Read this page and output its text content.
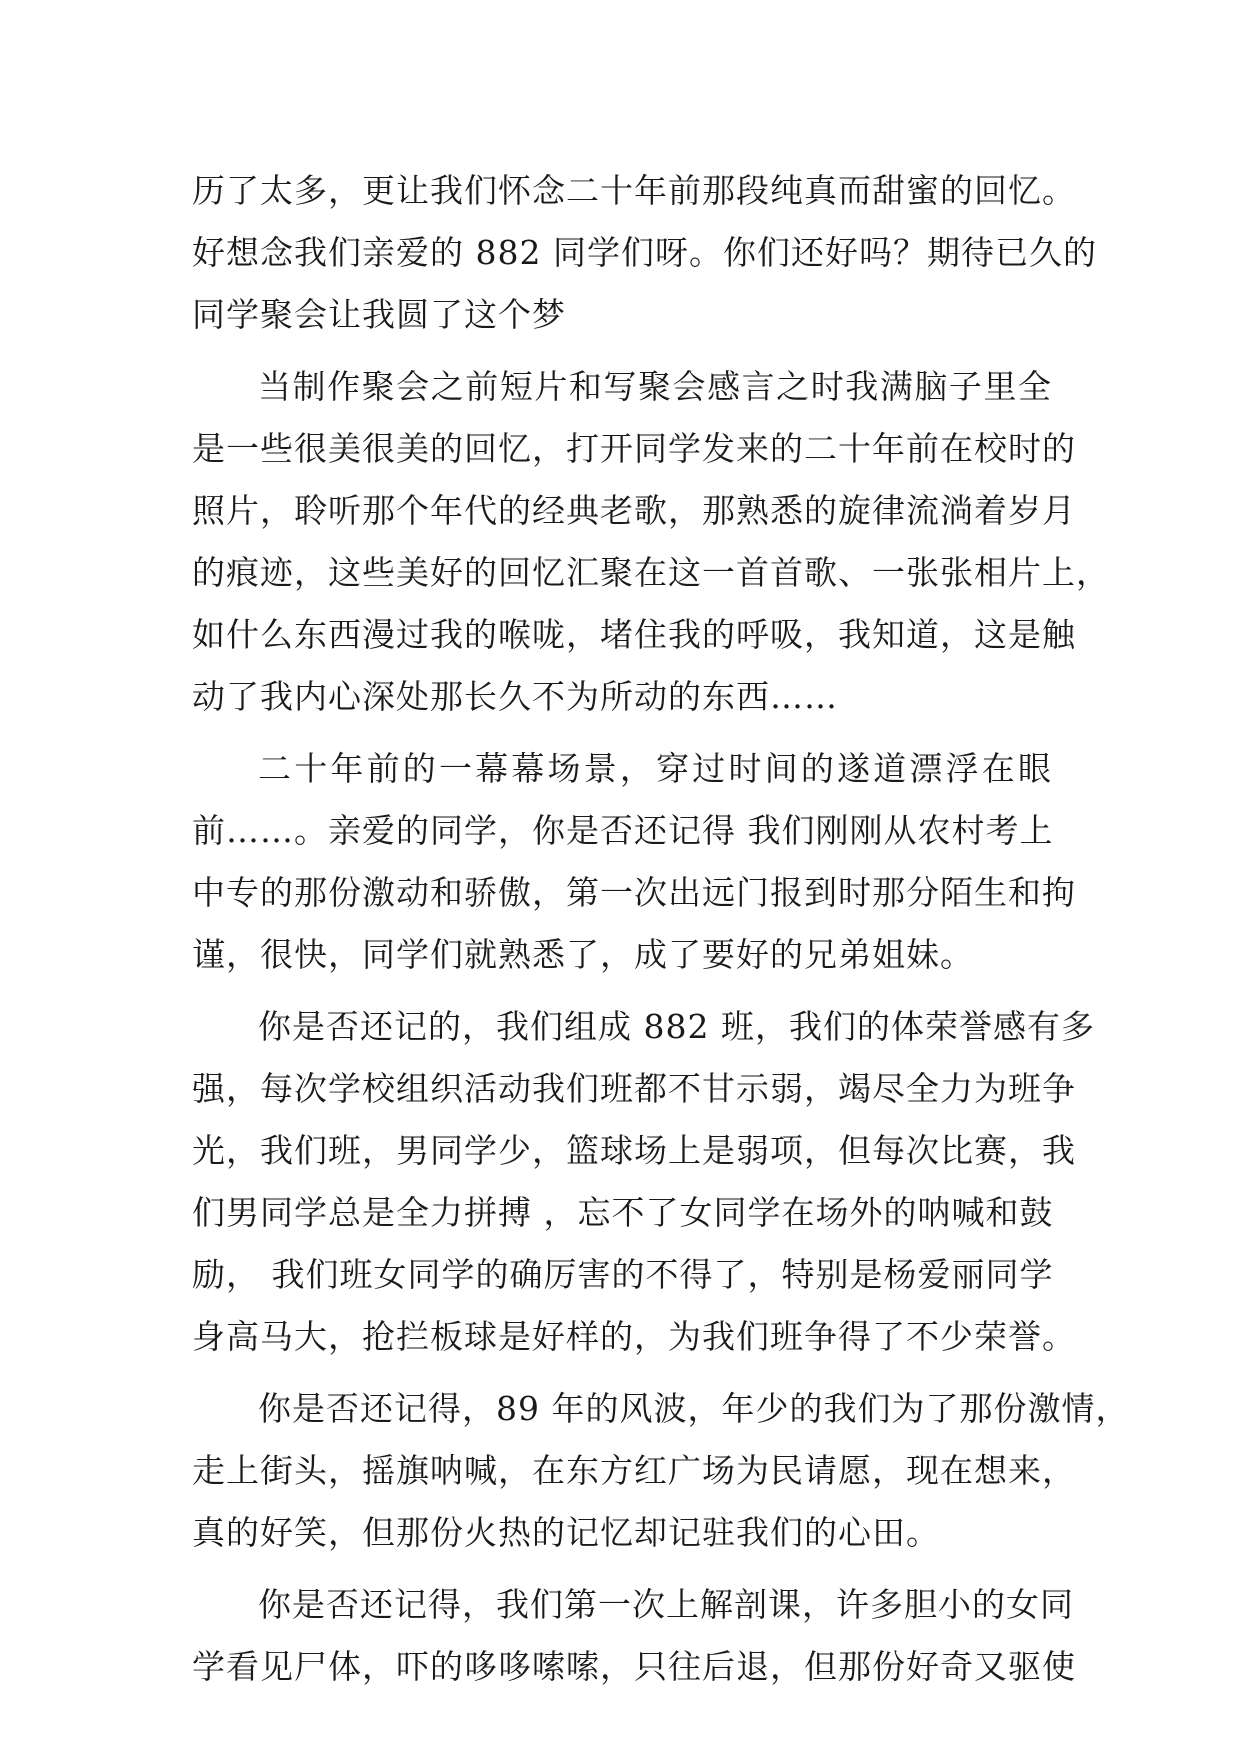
历了太多，更让我们怀念二十年前那段纯真而甜蜜的回忆。
好想念我们亲爱的 882 同学们呀。你们还好吗？期待已久的
同学聚会让我圆了这个梦
当制作聚会之前短片和写聚会感言之时我满脑子里全
是一些很美很美的回忆，打开同学发来的二十年前在校时的
照片，聆听那个年代的经典老歌，那熟悉的旋律流淌着岁月
的痕迹，这些美好的回忆汇聚在这一首首歌、一张张相片上，
如什么东西漫过我的喉咙，堵住我的呼吸，我知道，这是触
动了我内心深处那长久不为所动的东西……
二十年前的一幕幕场景，穿过时间的遂道漂浮在眼
前……。亲爱的同学，你是否还记得 我们刚刚从农村考上
中专的那份激动和骄傲，第一次出远门报到时那分陌生和拘
谨，很快，同学们就熟悉了，成了要好的兄弟姐妹。
你是否还记的，我们组成 882 班，我们的体荣誉感有多
强，每次学校组织活动我们班都不甘示弱，竭尽全力为班争
光，我们班，男同学少，篮球场上是弱项，但每次比赛，我
们男同学总是全力拼搏 ，忘不了女同学在场外的呐喊和鼓
励， 我们班女同学的确厉害的不得了，特别是杨爱丽同学
身高马大，抢拦板球是好样的，为我们班争得了不少荣誉。
你是否还记得，89 年的风波，年少的我们为了那份激情，
走上街头，摇旗呐喊，在东方红广场为民请愿，现在想来，
真的好笑，但那份火热的记忆却记驻我们的心田。
你是否还记得，我们第一次上解剖课，许多胆小的女同
学看见尸体，吓的哆哆嗦嗦，只往后退，但那份好奇又驱使
